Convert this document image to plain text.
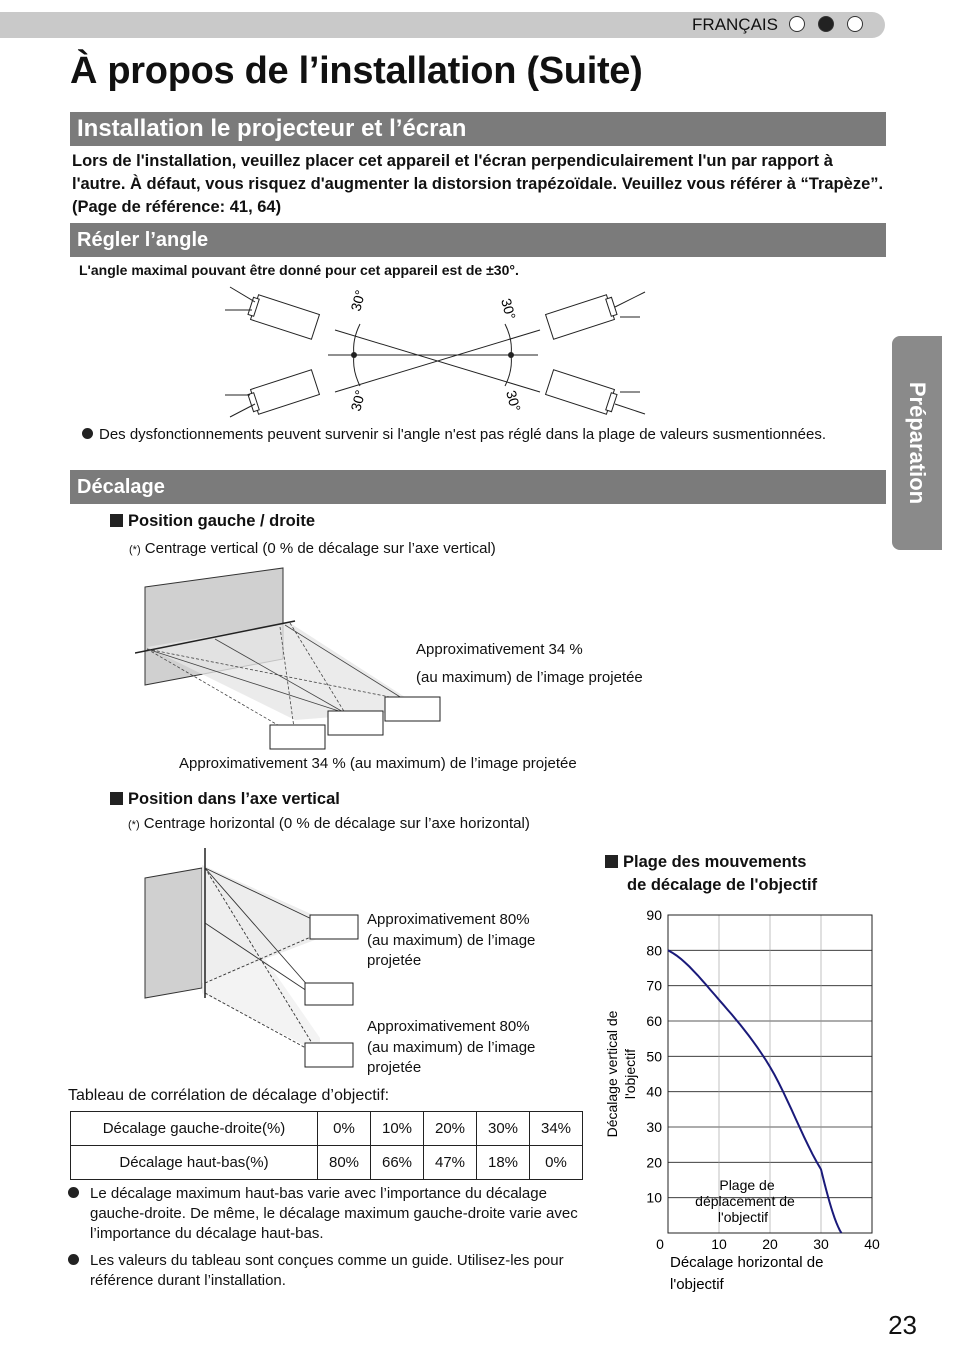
FRANÇAIS
À propos de l’installation (Suite)
Installation le projecteur et l’écran
Lors de l'installation, veuillez placer cet appareil et l'écran perpendiculairement l'un par rapport à l'autre. À défaut, vous risquez d'augmenter la distorsion trapézoïdale. Veuillez vous référer à “Trapèze”. (Page de référence: 41, 64)
Régler l’angle
L'angle maximal pouvant être donné pour cet appareil est de ±30°.
30°	30°
30°	30°
Des dysfonctionnements peuvent survenir si l'angle n'est pas réglé dans la plage de valeurs susmentionnées.
Décalage
Position gauche / droite
(*) Centrage vertical (0 % de décalage sur l’axe vertical)
Approximativement 34 %
(au maximum) de l’image projetée
Approximativement 34 % (au maximum) de l’image projetée
Position dans l’axe vertical
(*) Centrage horizontal (0 % de décalage sur l’axe horizontal)
Approximativement 80%
(au maximum) de l’image
projetée
Approximativement 80%
(au maximum) de l’image
projetée
Tableau de corrélation de décalage d’objectif:
Décalage gauche-droite(%)	0%	10%	20%	30%	34%
Décalage haut-bas(%)	80%	66%	47%	18%	0%
Le décalage maximum haut-bas varie avec l’importance du décalage gauche-droite. De même, le décalage maximum gauche-droite varie avec l’importance du décalage haut-bas.
Les valeurs du tableau sont conçues comme un guide. Utilisez-les pour référence durant l’installation.
Plage des mouvements
de décalage de l'objectif
10
20
30
40
50
60
70
80
90
0	10	20	30	40
Décalage vertical de l'objectif
Plage de
déplacement de
l'objectif
Décalage horizontal de
l'objectif
Préparation
23
